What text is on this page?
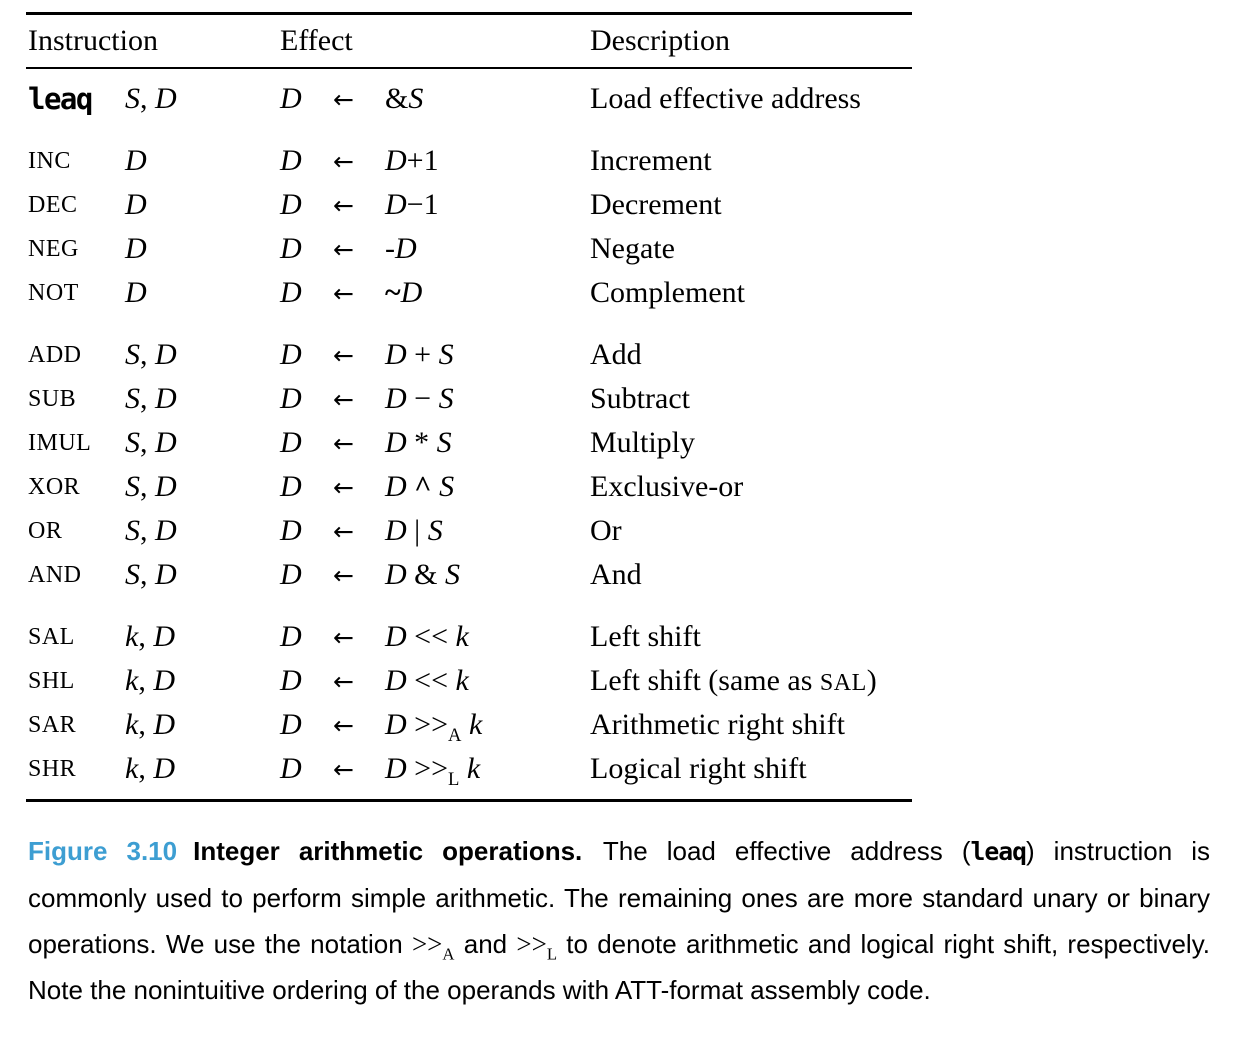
Instruction	Effect	Description
leaq	S, D	D	←	&S	Load effective address
INC	D	D	←	D+1	Increment
DEC	D	D	←	D−1	Decrement
NEG	D	D	←	-D	Negate
NOT	D	D	←	~D	Complement
ADD	S, D	D	←	D + S	Add
SUB	S, D	D	←	D − S	Subtract
IMUL	S, D	D	←	D * S	Multiply
XOR	S, D	D	←	D ^ S	Exclusive-or
OR	S, D	D	←	D | S	Or
AND	S, D	D	←	D & S	And
SAL	k, D	D	←	D << k	Left shift
SHL	k, D	D	←	D << k	Left shift (same as SAL)
SAR	k, D	D	←	$D >>_A$ k	Arithmetic right shift
SHR	k, D	D	←	$D >>_L$ k	Logical right shift

Figure 3.10 Integer arithmetic operations. The load effective address (leaq) instruction is commonly used to perform simple arithmetic. The remaining ones are more standard unary or binary operations. We use the notation $>>_A$ and $>>_L$ to denote arithmetic and logical right shift, respectively. Note the nonintuitive ordering of the operands with ATT-format assembly code.
